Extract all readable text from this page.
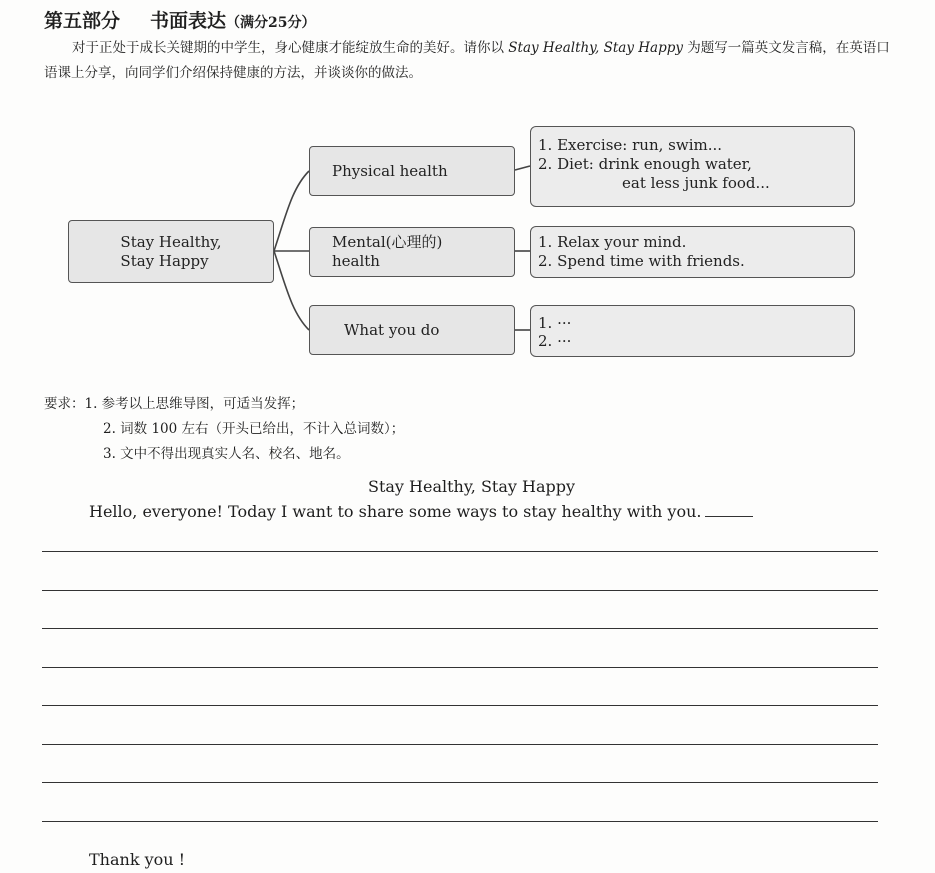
第五部分 书面表达（满分25分）

对于正处于成长关键期的中学生，身心健康才能绽放生命的美好。请你以 Stay Healthy, Stay Happy 为题写一篇英文发言稿，在英语口语课上分享，向同学们介绍保持健康的方法，并谈谈你的做法。

Stay Healthy,
Stay Happy
Physical health
Mental(心理的)
health
What you do
1. Exercise: run, swim...
2. Diet: drink enough water,
eat less junk food...
1. Relax your mind.
2. Spend time with friends.
1. ···
2. ···
要求：1. 参考以上思维导图，可适当发挥；
2. 词数 100 左右（开头已给出，不计入总词数）；
3. 文中不得出现真实人名、校名、地名。
Stay Healthy, Stay Happy
Hello, everyone! Today I want to share some ways to stay healthy with you.
Thank you !
